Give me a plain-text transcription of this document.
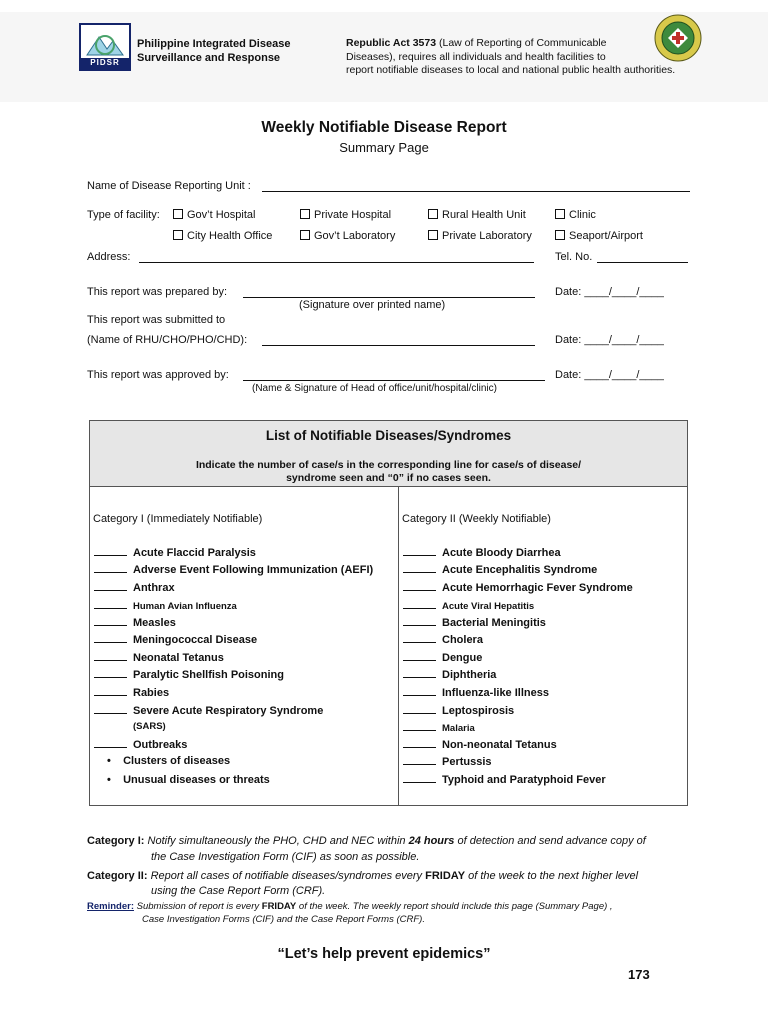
PIDSR
Philippine Integrated Disease
Surveillance and Response
Republic Act 3573 (Law of Reporting of Communicable
Diseases), requires all individuals and health facilities to
report notifiable diseases to local and national public health authorities.
Weekly Notifiable Disease Report
Summary Page
Name of Disease Reporting Unit :
Type of facility:	Gov’t Hospital	Private Hospital	Rural Health Unit	Clinic
City Health Office	Gov’t Laboratory	Private Laboratory	Seaport/Airport
Address:	Tel. No.
This report was prepared by:	Date: ____/____/____
(Signature over printed name)
This report was submitted to
(Name of RHU/CHO/PHO/CHD):	Date: ____/____/____
This report was approved by:	Date: ____/____/____
(Name & Signature of Head of office/unit/hospital/clinic)
List of Notifiable Diseases/Syndromes
Indicate the number of case/s in the corresponding line for case/s of disease/
syndrome seen and “0” if no cases seen.
Category I (Immediately Notifiable)	Category II (Weekly Notifiable)
Acute Flaccid Paralysis
Adverse Event Following Immunization (AEFI)
Anthrax
Human Avian Influenza
Measles
Meningococcal Disease
Neonatal Tetanus
Paralytic Shellfish Poisoning
Rabies
Severe Acute Respiratory Syndrome
(SARS)
Outbreaks
•    Clusters of diseases
•    Unusual diseases or threats
Acute Bloody Diarrhea
Acute Encephalitis Syndrome
Acute Hemorrhagic Fever Syndrome
Acute Viral Hepatitis
Bacterial Meningitis
Cholera
Dengue
Diphtheria
Influenza-like Illness
Leptospirosis
Malaria
Non-neonatal Tetanus
Pertussis
Typhoid and Paratyphoid Fever
Category I: Notify simultaneously the PHO, CHD and NEC within 24 hours of detection and send advance copy of
the Case Investigation Form (CIF) as soon as possible.
Category II: Report all cases of notifiable diseases/syndromes every FRIDAY of the week to the next higher level
using the Case Report Form (CRF).
Reminder: Submission of report is every FRIDAY of the week. The weekly report should include this page (Summary Page) ,
Case Investigation Forms (CIF) and the Case Report Forms (CRF).
“Let’s help prevent epidemics”
173
